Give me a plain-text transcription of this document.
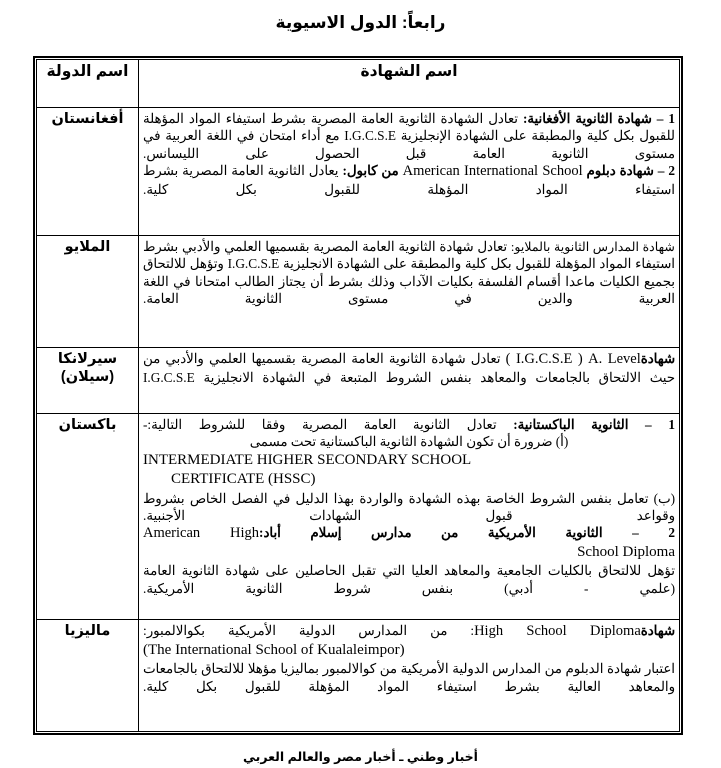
رابعاً: الدول الاسيوية
اسم الشهادة	اسم الدولة

1 – شهادة الثانوية الأفغانية: تعادل الشهادة الثانوية العامة المصرية بشرط استيفاء المواد المؤهلة للقبول بكل كلية والمطبقة على الشهادة الإنجليزية I.G.C.S.E مع أداء امتحان في اللغة العربية في مستوى الثانوية العامة قبل الحصول على الليسانس.

2 – شهادة دبلوم American International School من كابول: يعادل الثانوية العامة المصرية بشرط استيفاء المواد المؤهلة للقبول بكل كلية.	أفغانستان

شهادة المدارس الثانوية بالملايو: تعادل شهادة الثانوية العامة المصرية بقسميها العلمي والأدبي بشرط استيفاء المواد المؤهلة للقبول بكل كلية والمطبقة على الشهادة الانجليزية I.G.C.S.E وتؤهل للالتحاق بجميع الكليات ماعدا أقسام الفلسفة بكليات الآداب وذلك بشرط أن يجتاز الطالب امتحانا في اللغة العربية والدين في مستوى الثانوية العامة.	الملايو

شهادة( I.G.C.S.E ) A. Level تعادل شهادة الثانوية العامة المصرية بقسميها العلمي والأدبي من حيث الالتحاق بالجامعات والمعاهد بنفس الشروط المتبعة في الشهادة الانجليزية I.G.C.S.E	سيرلانكا
(سيلان)

1 – الثانوية الباكستانية: تعادل الثانوية العامة المصرية وفقا للشروط التالية:-

(أ) ضرورة أن تكون الشهادة الثانوية الباكستانية تحت مسمى

INTERMEDIATE HIGHER SECONDARY SCHOOL

CERTIFICATE (HSSC)

(ب) تعامل بنفس الشروط الخاصة بهذه الشهادة والواردة بهذا الدليل في الفصل الخاص بشروط وقواعد قبول الشهادات الأجنبية.

2 – الثانوية الأمريكية من مدارس إسلام أباد:American High

School Diploma

تؤهل للالتحاق بالكليات الجامعية والمعاهد العليا التي تقبل الحاصلين على شهادة الثانوية العامة (علمي - أدبي) بنفس شروط الثانوية الأمريكية.

	باكستان

شهادةHigh School Diploma: من المدارس الدولية الأمريكية بكوالالمبور:

(The International School of Kualaleimpor)

اعتبار شهادة الدبلوم من المدارس الدولية الأمريكية من كوالالمبور بماليزيا مؤهلا للالتحاق بالجامعات والمعاهد العالية بشرط استيفاء المواد المؤهلة للقبول بكل كلية.	ماليزيا
أخبار وطني ـ أخبار مصر والعالم العربي
